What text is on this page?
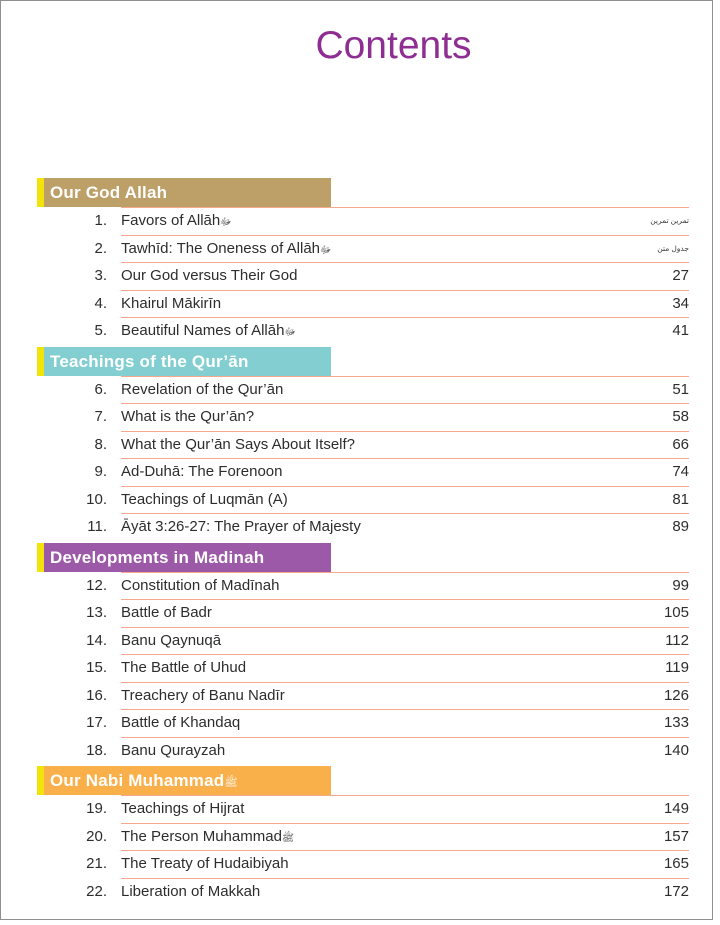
Contents
Our God Allah
1. Favors of Allāhﷻ	تمرين تمرين
2. Tawhīd: The Oneness of Allāhﷻ	جدول متن
3. Our God versus Their God	27
4. Khairul Mākirīn	34
5. Beautiful Names of Allāhﷻ	41
Teachings of the Qur’ān
6. Revelation of the Qur’ān	51
7. What is the Qur’ān?	58
8. What the Qur’ān Says About Itself?	66
9. Ad-Duhā: The Forenoon	74
10. Teachings of Luqmān (A)	81
11. Āyāt 3:26-27: The Prayer of Majesty	89
Developments in Madinah
12. Constitution of Madīnah	99
13. Battle of Badr	105
14. Banu Qaynuqā	112
15. The Battle of Uhud	119
16. Treachery of Banu Nadīr	126
17. Battle of Khandaq	133
18. Banu Qurayzah	140
Our Nabi Muhammadﷺ
19. Teachings of Hijrat	149
20. The Person Muhammadﷺ	157
21. The Treaty of Hudaibiyah	165
22. Liberation of Makkah	172
